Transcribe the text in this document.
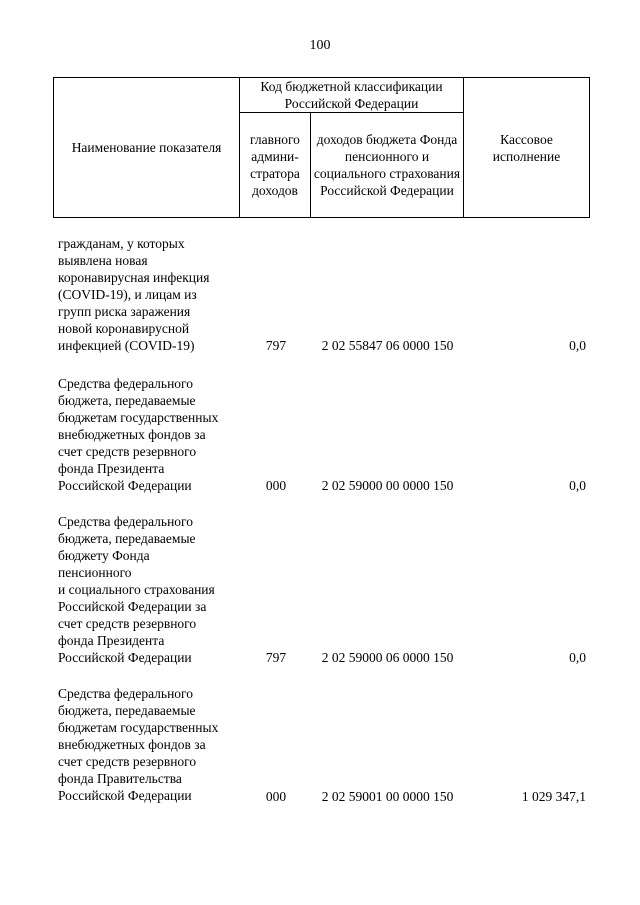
100
Наименование показателя	Код бюджетной классификации Российской Федерации		Кассовое исполнение
	главного админи-стратора доходов	доходов бюджета Фонда пенсионного и социального страхования Российской Федерации	
гражданам, у которых
выявлена новая
коронавирусная инфекция
(COVID-19), и лицам из
групп риска заражения
новой коронавирусной
инфекцией (COVID-19)	797	2 02 55847 06 0000 150	0,0
Средства федерального
бюджета, передаваемые
бюджетам государственных
внебюджетных фондов за
счет средств резервного
фонда Президента
Российской Федерации	000	2 02 59000 00 0000 150	0,0
Средства федерального
бюджета, передаваемые
бюджету Фонда
пенсионного
и социального страхования
Российской Федерации за
счет средств резервного
фонда Президента
Российской Федерации	797	2 02 59000 06 0000 150	0,0
Средства федерального
бюджета, передаваемые
бюджетам государственных
внебюджетных фондов за
счет средств резервного
фонда Правительства
Российской Федерации	000	2 02 59001 00 0000 150	1 029 347,1
